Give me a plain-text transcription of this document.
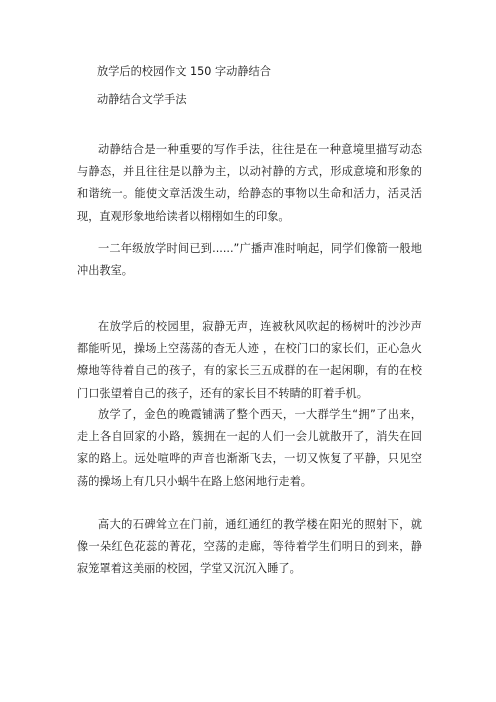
放学后的校园作文 150 字动静结合
动静结合文学手法
动静结合是一种重要的写作手法，往往是在一种意境里描写动态与静态，并且往往是以静为主，以动衬静的方式，形成意境和形象的和谐统一。能使文章活泼生动，给静态的事物以生命和活力，活灵活现，直观形象地给读者以栩栩如生的印象。
一二年级放学时间已到......”广播声准时响起，同学们像箭一般地冲出教室。
在放学后的校园里，寂静无声，连被秋风吹起的杨树叶的沙沙声都能听见，操场上空荡荡的杳无人迹 ，在校门口的家长们，正心急火燎地等待着自己的孩子，有的家长三五成群的在一起闲聊，有的在校门口张望着自己的孩子，还有的家长目不转睛的盯着手机。
放学了，金色的晚霞铺满了整个西天，一大群学生“拥”了出来，走上各自回家的小路，簇拥在一起的人们一会儿就散开了，消失在回家的路上。远处喧哗的声音也渐渐飞去，一切又恢复了平静，只见空荡的操场上有几只小蜗牛在路上悠闲地行走着。
高大的石碑耸立在门前，通红通红的教学楼在阳光的照射下，就像一朵红色花蕊的菁花，空荡的走廊，等待着学生们明日的到来，静寂笼罩着这美丽的校园，学堂又沉沉入睡了。
